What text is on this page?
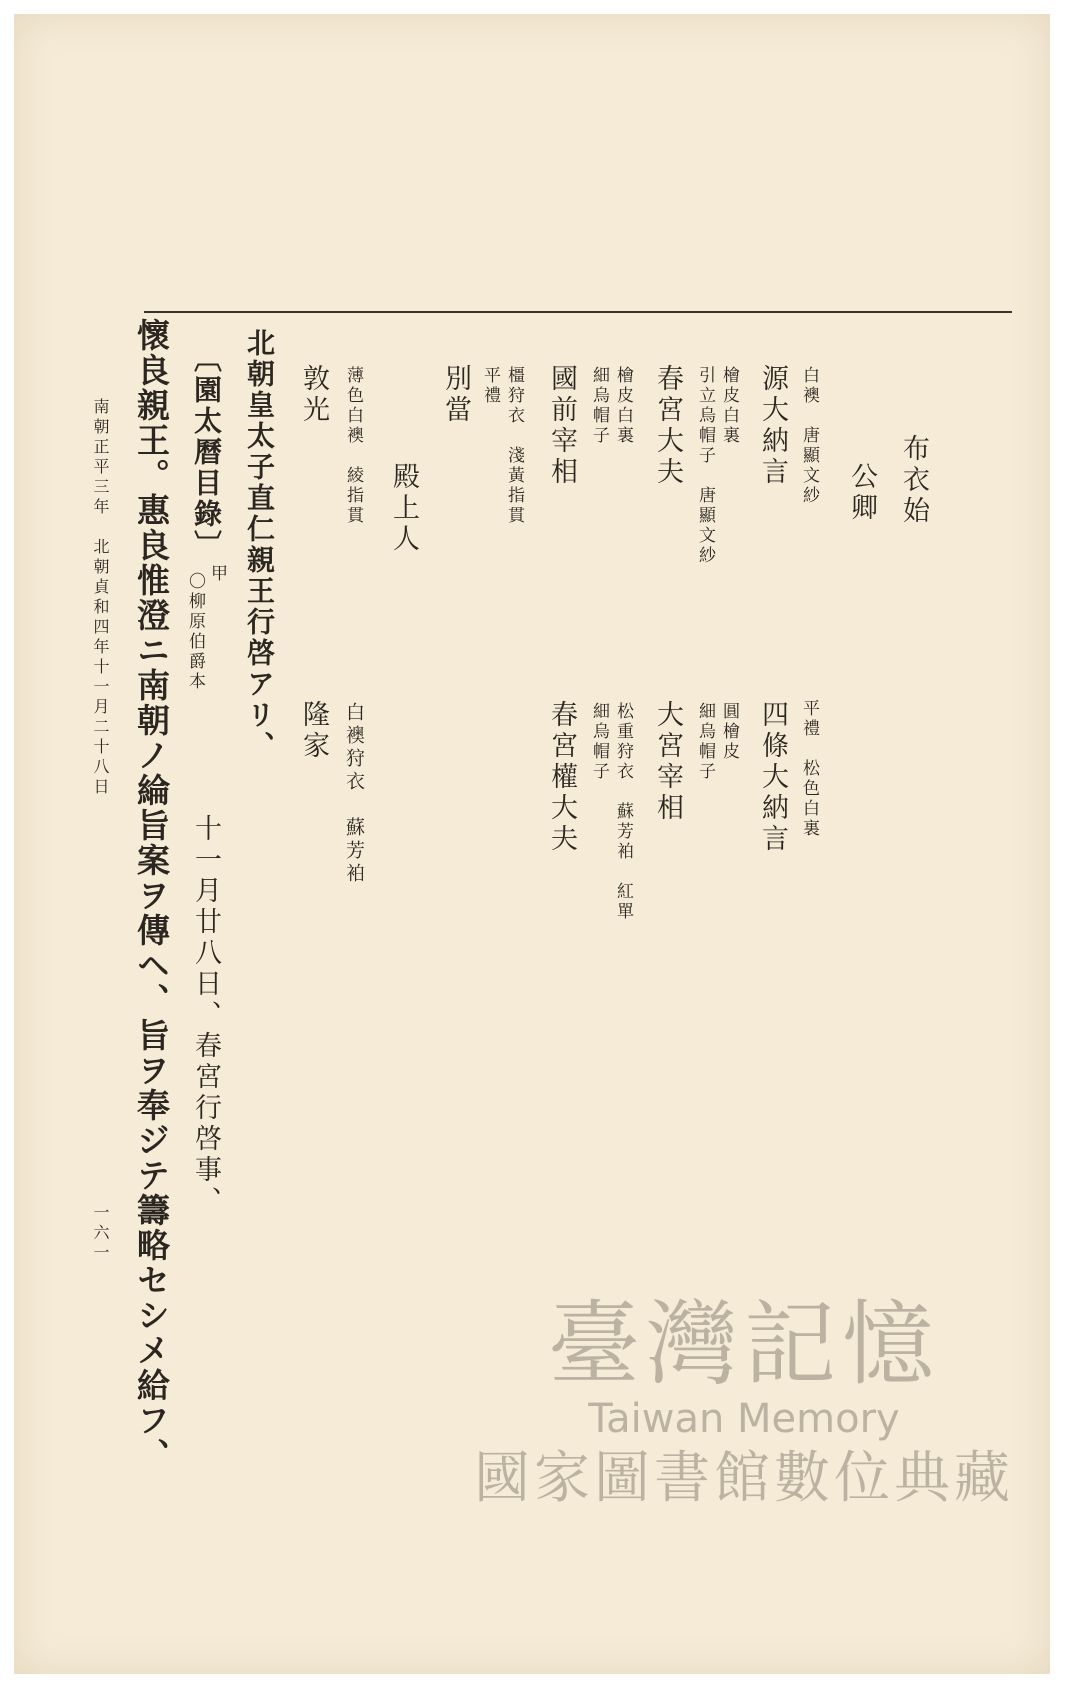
布衣始
公卿
白襖　唐顯文紗
源大納言
檜皮白裏
引立烏帽子　唐顯文紗
平禮　松色白裏
四條大納言
圓檜皮
細烏帽子
春宮大夫
檜皮白裏
細烏帽子
大宮宰相
松重狩衣　蘇芳袙　紅單
細烏帽子
國前宰相
春宮權大夫
橿狩衣　淺黃指貫
平禮
別當
殿上人
薄色白襖　綾指貫
白襖狩衣　蘇芳袙
敦光
隆家
北朝皇太子直仁親王行啓アリ、
〔園太曆目錄〕
甲
〇柳原伯爵本
十一月廿八日、春宮行啓事、
懷良親王。惠良惟澄ニ南朝ノ綸旨案ヲ傳ヘ、旨ヲ奉ジテ籌略セシメ給フ、
南朝正平三年　北朝貞和四年十一月二十八日
一六一
臺灣記憶
Taiwan Memory
國家圖書館數位典藏
